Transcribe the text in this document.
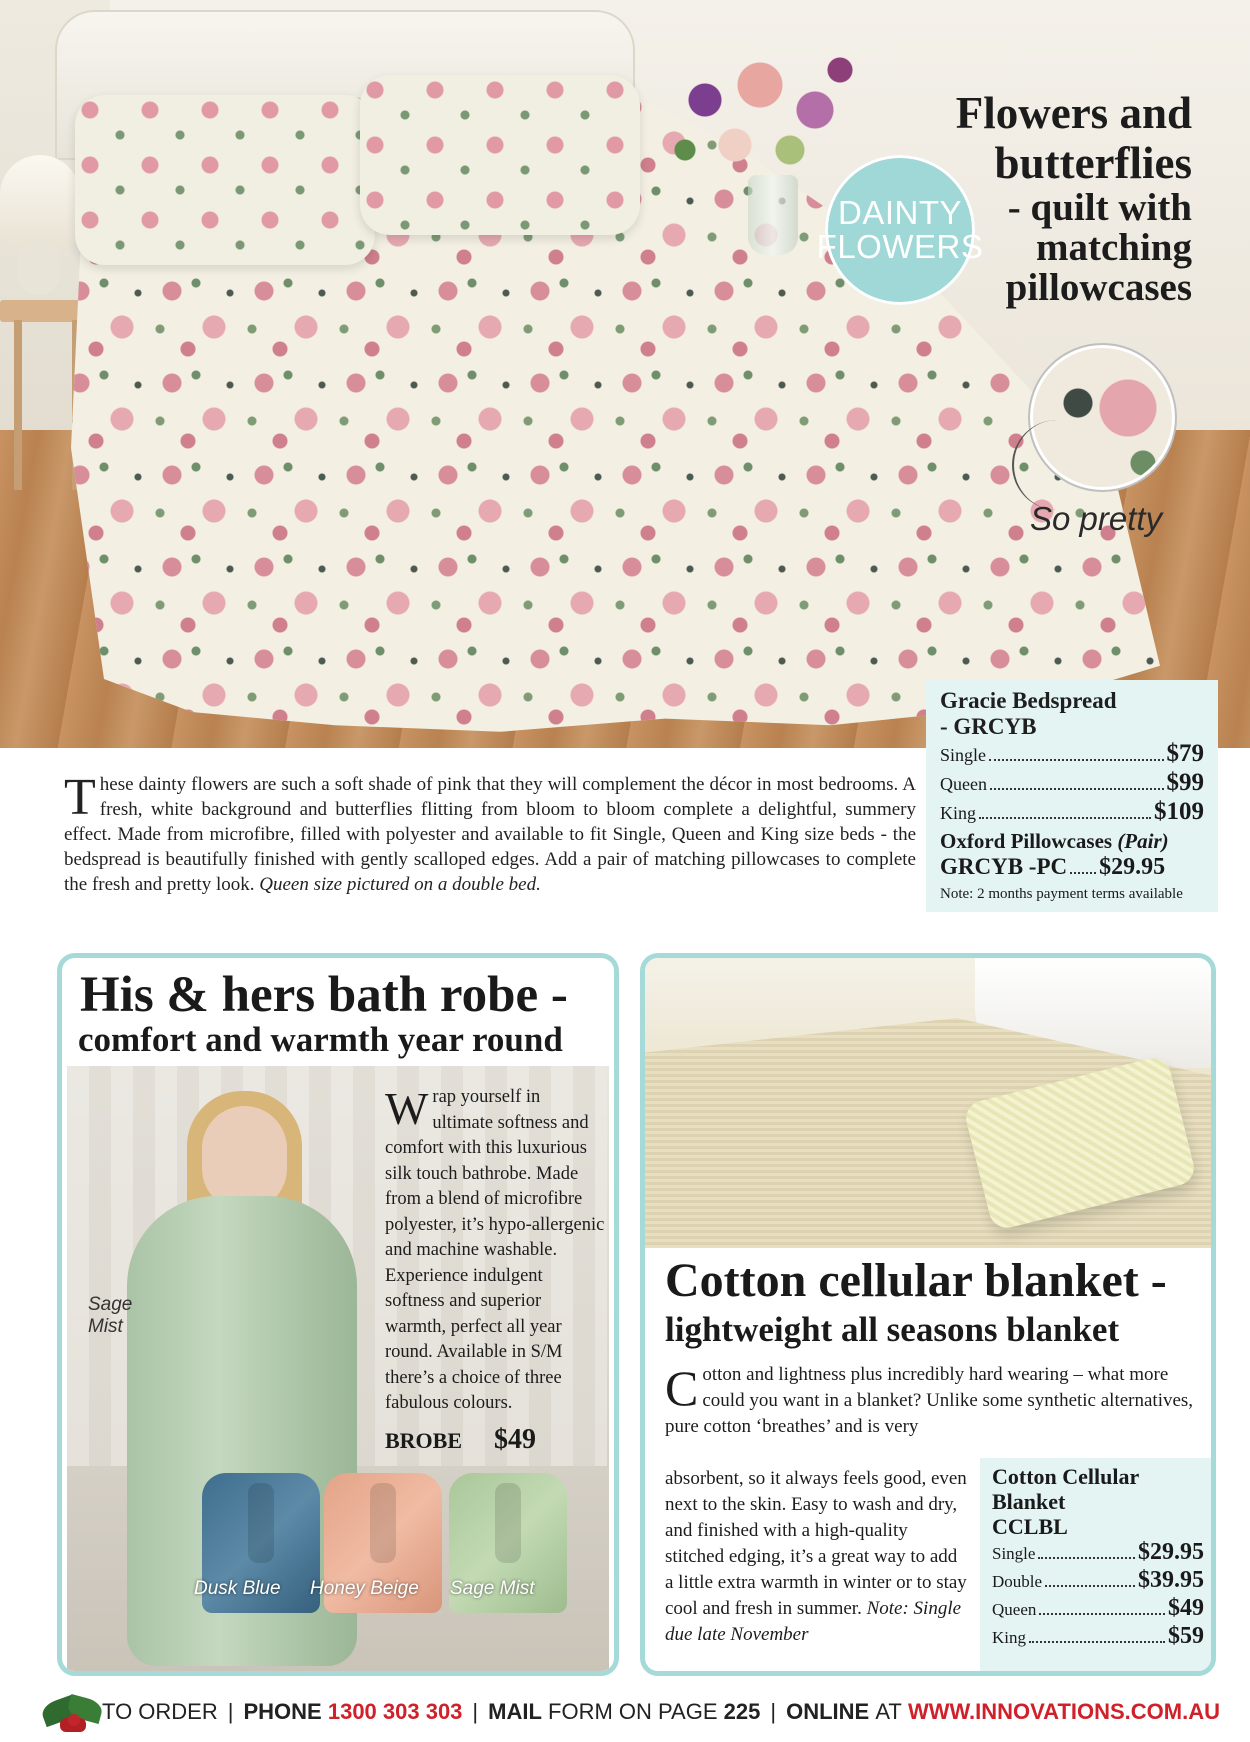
DAINTY
FLOWERS
Flowers and
butterflies
- quilt with
matching
pillowcases
So pretty
Gracie Bedspread
- GRCYB
Single	$79
Queen	$99
King	$109
Oxford Pillowcases (Pair)
GRCYB -PC $29.95
Note: 2 months payment terms available
These dainty flowers are such a soft shade of pink that they will complement the décor in most bedrooms. A fresh, white background and butterflies flitting from bloom to bloom complete a delightful, summery effect. Made from microfibre, filled with polyester and available to fit Single, Queen and King size beds - the bedspread is beautifully finished with gently scalloped edges. Add a pair of matching pillowcases to complete the fresh and pretty look. Queen size pictured on a double bed.
His & hers bath robe -
comfort and warmth year round
Sage
Mist
Wrap yourself in ultimate softness and comfort with this luxurious silk touch bathrobe. Made from a blend of microfibre polyester, it’s hypo-allergenic and machine washable. Experience indulgent softness and superior warmth, perfect all year round. Available in S/M there’s a choice of three fabulous colours.
BROBE $49
Dusk Blue Honey Beige Sage Mist
Cotton cellular blanket -
lightweight all seasons blanket
Cotton and lightness plus incredibly hard wearing – what more could you want in a blanket? Unlike some synthetic alternatives, pure cotton ‘breathes’ and is very
absorbent, so it always feels good, even next to the skin. Easy to wash and dry, and finished with a high-quality stitched edging, it’s a great way to add a little extra warmth in winter or to stay cool and fresh in summer. Note: Single due late November
Cotton Cellular
Blanket
CCLBL
Single	$29.95
Double	$39.95
Queen	$49
King	$59
TO ORDER | PHONE
1300 303 303 | MAIL
FORM ON PAGE
225 | ONLINE
AT
WWW.INNOVATIONS.COM.AU
